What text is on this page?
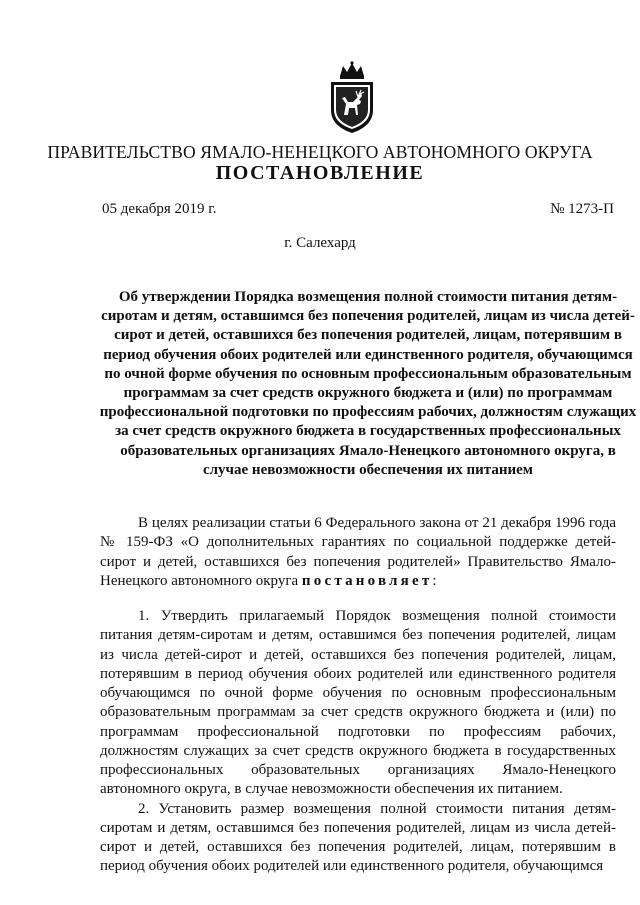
ПРАВИТЕЛЬСТВО ЯМАЛО-НЕНЕЦКОГО АВТОНОМНОГО ОКРУГА
ПОСТАНОВЛЕНИЕ
05 декабря 2019 г.	№ 1273-П
г. Салехард
Об утверждении Порядка возмещения полной стоимости питания детям-сиротам и детям, оставшимся без попечения родителей, лицам из числа детей-сирот и детей, оставшихся без попечения родителей, лицам, потерявшим в период обучения обоих родителей или единственного родителя, обучающимся по очной форме обучения по основным профессиональным образовательным программам за счет средств окружного бюджета и (или) по программам профессиональной подготовки по профессиям рабочих, должностям служащих за счет средств окружного бюджета в государственных профессиональных образовательных организациях Ямало-Ненецкого автономного округа, в случае невозможности обеспечения их питанием

В целях реализации статьи 6 Федерального закона от 21 декабря 1996 года № 159-ФЗ «О дополнительных гарантиях по социальной поддержке детей-сирот и детей, оставшихся без попечения родителей» Правительство Ямало-Ненецкого автономного округа постановляет:

1. Утвердить прилагаемый Порядок возмещения полной стоимости питания детям-сиротам и детям, оставшимся без попечения родителей, лицам из числа детей-сирот и детей, оставшихся без попечения родителей, лицам, потерявшим в период обучения обоих родителей или единственного родителя обучающимся по очной форме обучения по основным профессиональным образовательным программам за счет средств окружного бюджета и (или) по программам профессиональной подготовки по профессиям рабочих, должностям служащих за счет средств окружного бюджета в государственных профессиональных образовательных организациях Ямало-Ненецкого автономного округа, в случае невозможности обеспечения их питанием.

2. Установить размер возмещения полной стоимости питания детям-сиротам и детям, оставшимся без попечения родителей, лицам из числа детей-сирот и детей, оставшихся без попечения родителей, лицам, потерявшим в период обучения обоих родителей или единственного родителя, обучающимся
